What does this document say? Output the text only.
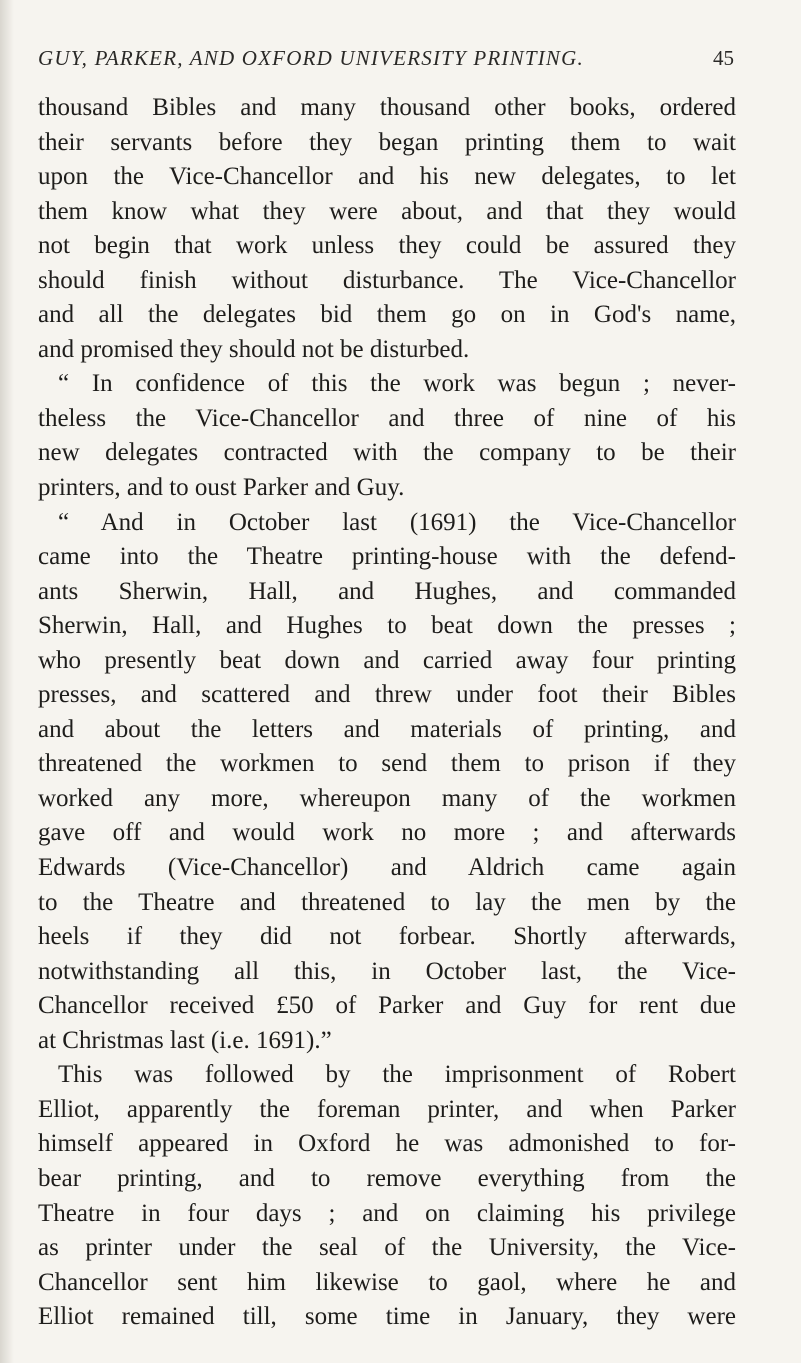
GUY, PARKER, AND OXFORD UNIVERSITY PRINTING.	45
thousand Bibles and many thousand other books, ordered
their servants before they began printing them to wait
upon the Vice-Chancellor and his new delegates, to let
them know what they were about, and that they would
not begin that work unless they could be assured they
should finish without disturbance. The Vice-Chancellor
and all the delegates bid them go on in God's name,
and promised they should not be disturbed.
“ In confidence of this the work was begun ; never-
theless the Vice-Chancellor and three of nine of his
new delegates contracted with the company to be their
printers, and to oust Parker and Guy.
“ And in October last (1691) the Vice-Chancellor
came into the Theatre printing-house with the defend-
ants Sherwin, Hall, and Hughes, and commanded
Sherwin, Hall, and Hughes to beat down the presses ;
who presently beat down and carried away four printing
presses, and scattered and threw under foot their Bibles
and about the letters and materials of printing, and
threatened the workmen to send them to prison if they
worked any more, whereupon many of the workmen
gave off and would work no more ; and afterwards
Edwards (Vice-Chancellor) and Aldrich came again
to the Theatre and threatened to lay the men by the
heels if they did not forbear. Shortly afterwards,
notwithstanding all this, in October last, the Vice-
Chancellor received £50 of Parker and Guy for rent due
at Christmas last (i.e. 1691).”
This was followed by the imprisonment of Robert
Elliot, apparently the foreman printer, and when Parker
himself appeared in Oxford he was admonished to for-
bear printing, and to remove everything from the
Theatre in four days ; and on claiming his privilege
as printer under the seal of the University, the Vice-
Chancellor sent him likewise to gaol, where he and
Elliot remained till, some time in January, they were
